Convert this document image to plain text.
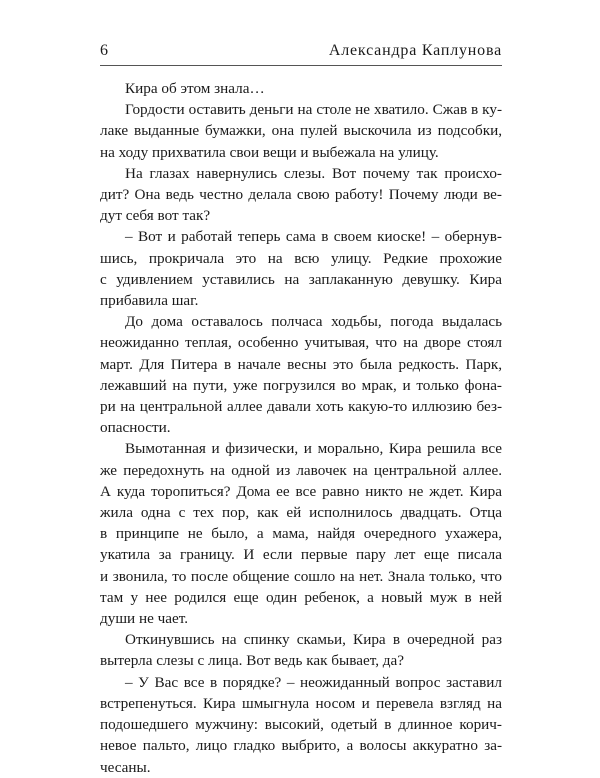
6	Александра Каплунова

Кира об этом знала…

Гордости оставить деньги на столе не хватило. Сжав в ку-
лаке выданные бумажки, она пулей выскочила из подсобки,
на ходу прихватила свои вещи и выбежала на улицу.

На глазах навернулись слезы. Вот почему так происхо-
дит? Она ведь честно делала свою работу! Почему люди ве-
дут себя вот так?

– Вот и работай теперь сама в своем киоске! – обернув-
шись, прокричала это на всю улицу. Редкие прохожие
с удивлением уставились на заплаканную девушку. Кира
прибавила шаг.

До дома оставалось полчаса ходьбы, погода выдалась
неожиданно теплая, особенно учитывая, что на дворе стоял
март. Для Питера в начале весны это была редкость. Парк,
лежавший на пути, уже погрузился во мрак, и только фона-
ри на центральной аллее давали хоть какую-то иллюзию без-
опасности.

Вымотанная и физически, и морально, Кира решила все
же передохнуть на одной из лавочек на центральной аллее.
А куда торопиться? Дома ее все равно никто не ждет. Кира
жила одна с тех пор, как ей исполнилось двадцать. Отца
в принципе не было, а мама, найдя очередного ухажера,
укатила за границу. И если первые пару лет еще писала
и звонила, то после общение сошло на нет. Знала только, что
там у нее родился еще один ребенок, а новый муж в ней
души не чает.

Откинувшись на спинку скамьи, Кира в очередной раз
вытерла слезы с лица. Вот ведь как бывает, да?

– У Вас все в порядке? – неожиданный вопрос заставил
встрепенуться. Кира шмыгнула носом и перевела взгляд на
подошедшего мужчину: высокий, одетый в длинное корич-
невое пальто, лицо гладко выбрито, а волосы аккуратно за-
чесаны.
